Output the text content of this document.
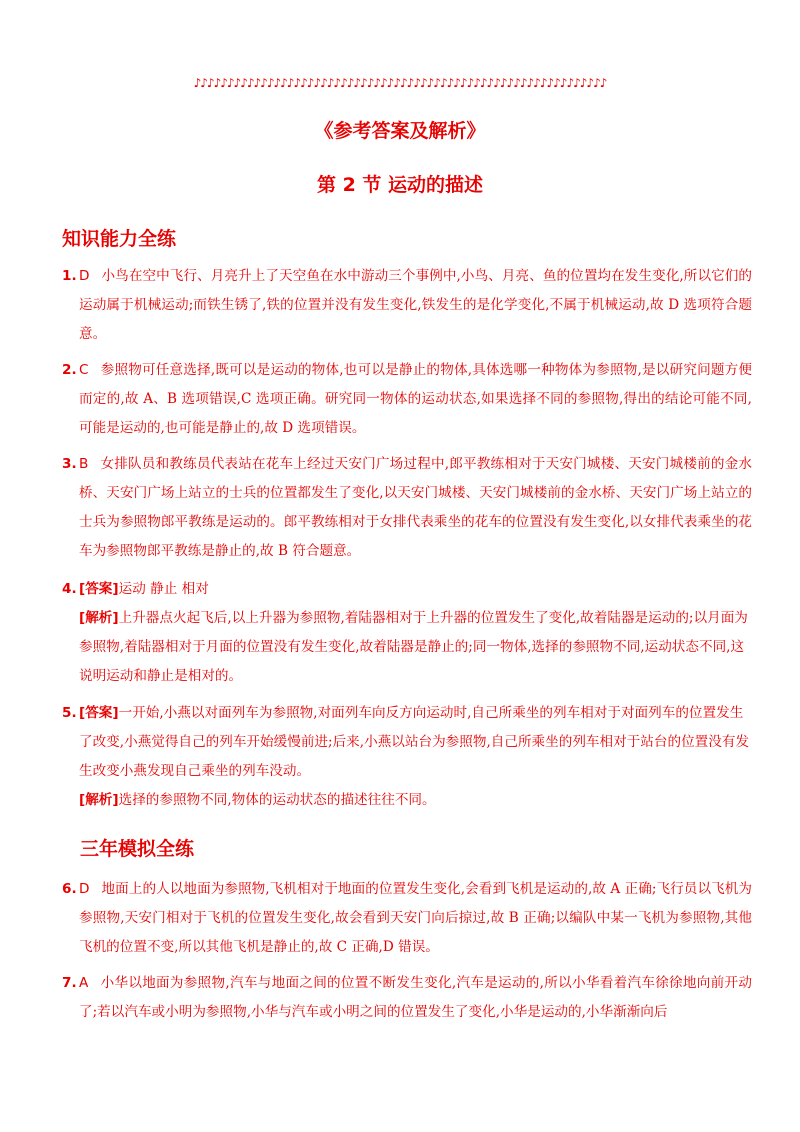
♪♪♪♪♪♪♪♪♪♪♪♪♪♪♪♪♪♪♪♪♪♪♪♪♪♪♪♪♪♪♪♪♪♪♪♪♪♪♪♪♪♪♪♪♪♪♪♪♪♪♪♪♪♪♪♪♪♪♪♪♪♪
《参考答案及解析》
第 2 节 运动的描述
知识能力全练
1. D 小鸟在空中飞行、月亮升上了天空鱼在水中游动三个事例中,小鸟、月亮、鱼的位置均在发生变化,所以它们的运动属于机械运动;而铁生锈了,铁的位置并没有发生变化,铁发生的是化学变化,不属于机械运动,故 D 选项符合题意。
2. C 参照物可任意选择,既可以是运动的物体,也可以是静止的物体,具体选哪一种物体为参照物,是以研究问题方便而定的,故 A、B 选项错误,C 选项正确。研究同一物体的运动状态,如果选择不同的参照物,得出的结论可能不同,可能是运动的,也可能是静止的,故 D 选项错误。
3. B 女排队员和教练员代表站在花车上经过天安门广场过程中,郎平教练相对于天安门城楼、天安门城楼前的金水桥、天安门广场上站立的士兵的位置都发生了变化,以天安门城楼、天安门城楼前的金水桥、天安门广场上站立的士兵为参照物郎平教练是运动的。郎平教练相对于女排代表乘坐的花车的位置没有发生变化,以女排代表乘坐的花车为参照物郎平教练是静止的,故 B 符合题意。
4. [答案]运动 静止 相对
[解析]上升器点火起飞后,以上升器为参照物,着陆器相对于上升器的位置发生了变化,故着陆器是运动的;以月面为参照物,着陆器相对于月面的位置没有发生变化,故着陆器是静止的;同一物体,选择的参照物不同,运动状态不同,这说明运动和静止是相对的。
5. [答案]一开始,小燕以对面列车为参照物,对面列车向反方向运动时,自己所乘坐的列车相对于对面列车的位置发生了改变,小燕觉得自己的列车开始缓慢前进;后来,小燕以站台为参照物,自己所乘坐的列车相对于站台的位置没有发生改变小燕发现自己乘坐的列车没动。
[解析]选择的参照物不同,物体的运动状态的描述往往不同。
三年模拟全练
6. D 地面上的人以地面为参照物,飞机相对于地面的位置发生变化,会看到飞机是运动的,故 A 正确;飞行员以飞机为参照物,天安门相对于飞机的位置发生变化,故会看到天安门向后掠过,故 B 正确;以编队中某一飞机为参照物,其他飞机的位置不变,所以其他飞机是静止的,故 C 正确,D 错误。
7. A 小华以地面为参照物,汽车与地面之间的位置不断发生变化,汽车是运动的,所以小华看着汽车徐徐地向前开动了;若以汽车或小明为参照物,小华与汽车或小明之间的位置发生了变化,小华是运动的,小华渐渐向后
